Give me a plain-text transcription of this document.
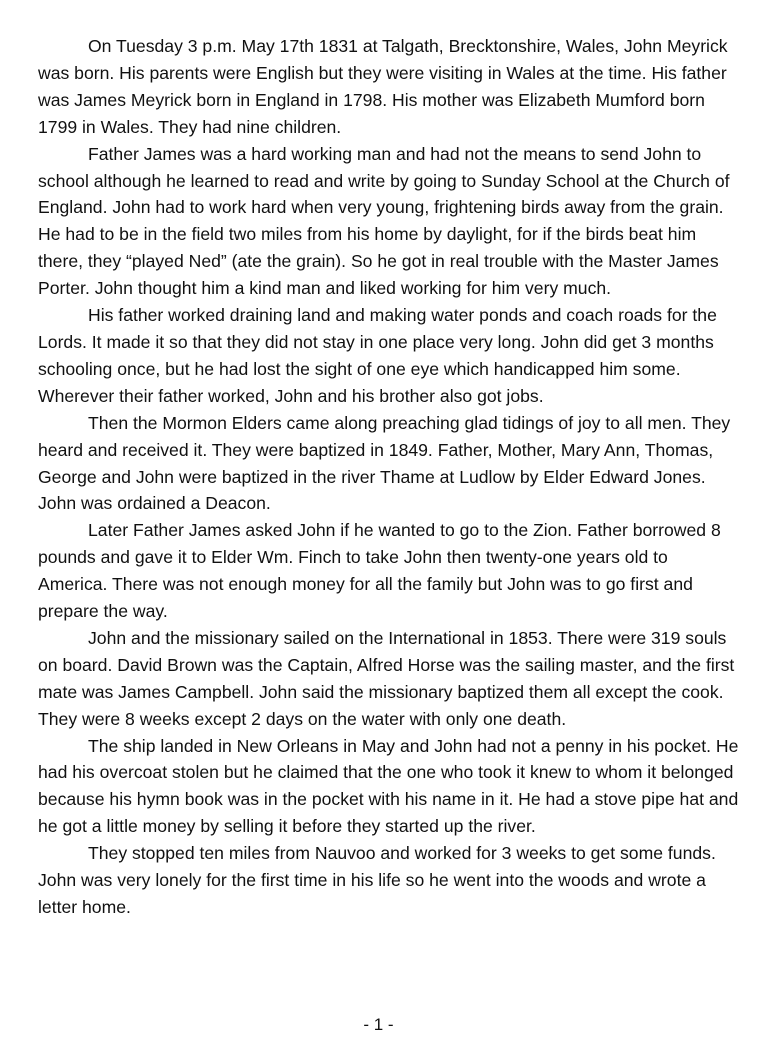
On Tuesday 3 p.m. May 17th 1831 at Talgath, Brecktonshire, Wales, John Meyrick was born. His parents were English but they were visiting in Wales at the time. His father was James Meyrick born in England in 1798. His mother was Elizabeth Mumford born 1799 in Wales. They had nine children.

Father James was a hard working man and had not the means to send John to school although he learned to read and write by going to Sunday School at the Church of England. John had to work hard when very young, frightening birds away from the grain. He had to be in the field two miles from his home by daylight, for if the birds beat him there, they “played Ned” (ate the grain). So he got in real trouble with the Master James Porter. John thought him a kind man and liked working for him very much.

His father worked draining land and making water ponds and coach roads for the Lords. It made it so that they did not stay in one place very long. John did get 3 months schooling once, but he had lost the sight of one eye which handicapped him some. Wherever their father worked, John and his brother also got jobs.

Then the Mormon Elders came along preaching glad tidings of joy to all men. They heard and received it. They were baptized in 1849. Father, Mother, Mary Ann, Thomas, George and John were baptized in the river Thame at Ludlow by Elder Edward Jones. John was ordained a Deacon.

Later Father James asked John if he wanted to go to the Zion. Father borrowed 8 pounds and gave it to Elder Wm. Finch to take John then twenty-one years old to America. There was not enough money for all the family but John was to go first and prepare the way.

John and the missionary sailed on the International in 1853. There were 319 souls on board. David Brown was the Captain, Alfred Horse was the sailing master, and the first mate was James Campbell. John said the missionary baptized them all except the cook. They were 8 weeks except 2 days on the water with only one death.

The ship landed in New Orleans in May and John had not a penny in his pocket. He had his overcoat stolen but he claimed that the one who took it knew to whom it belonged because his hymn book was in the pocket with his name in it. He had a stove pipe hat and he got a little money by selling it before they started up the river.

They stopped ten miles from Nauvoo and worked for 3 weeks to get some funds. John was very lonely for the first time in his life so he went into the woods and wrote a letter home.

- 1 -
